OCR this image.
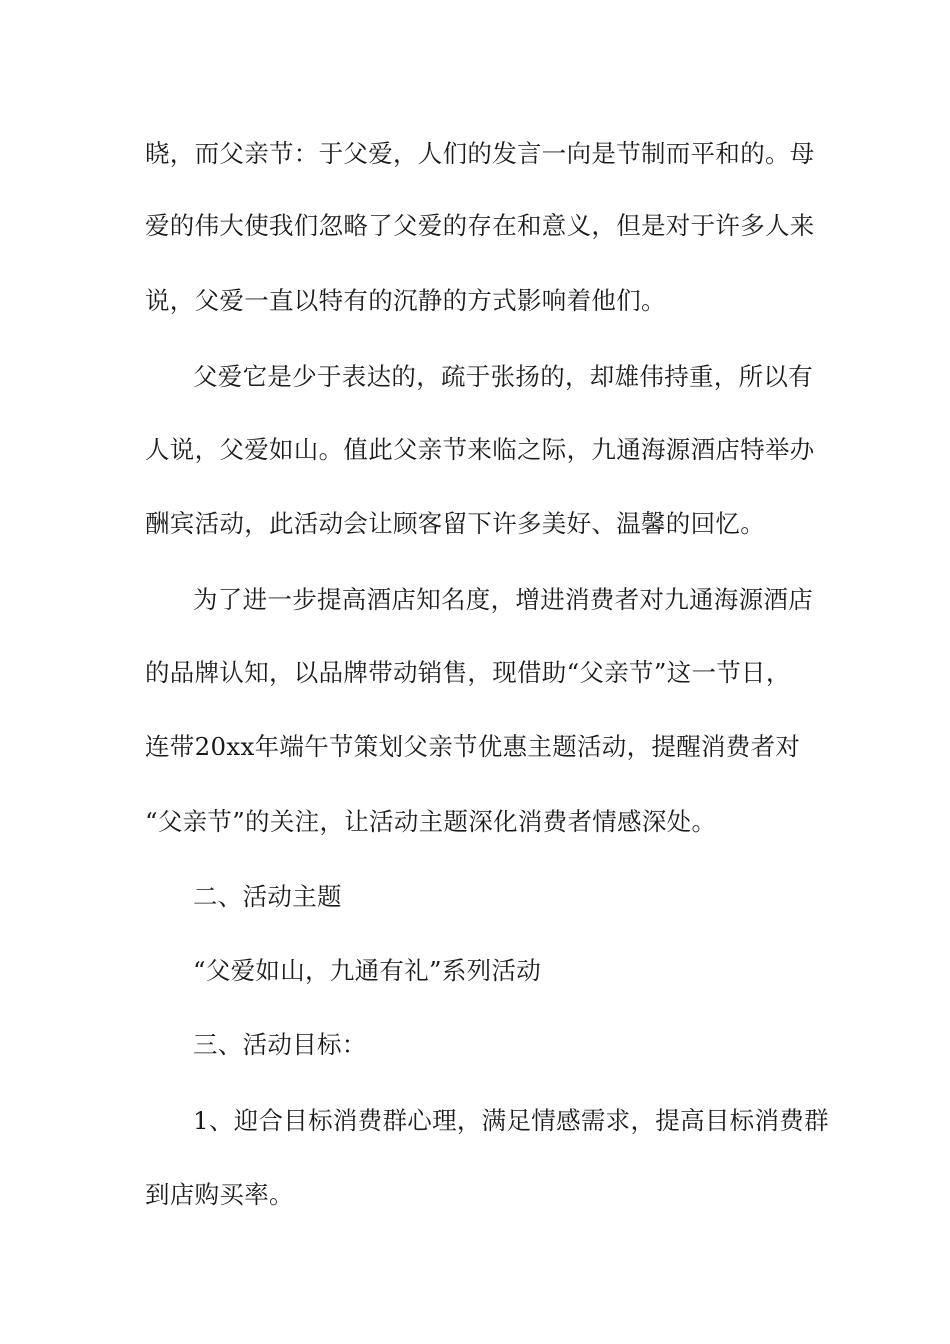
晓，而父亲节：于父爱，人们的发言一向是节制而平和的。母
爱的伟大使我们忽略了父爱的存在和意义，但是对于许多人来
说，父爱一直以特有的沉静的方式影响着他们。
父爱它是少于表达的，疏于张扬的，却雄伟持重，所以有
人说，父爱如山。值此父亲节来临之际，九通海源酒店特举办
酬宾活动，此活动会让顾客留下许多美好、温馨的回忆。
为了进一步提高酒店知名度，增进消费者对九通海源酒店
的品牌认知，以品牌带动销售，现借助“父亲节”这一节日，
连带20xx年端午节策划父亲节优惠主题活动，提醒消费者对
“父亲节”的关注，让活动主题深化消费者情感深处。
二、活动主题
“父爱如山，九通有礼”系列活动
三、活动目标：
1、迎合目标消费群心理，满足情感需求，提高目标消费群
到店购买率。
